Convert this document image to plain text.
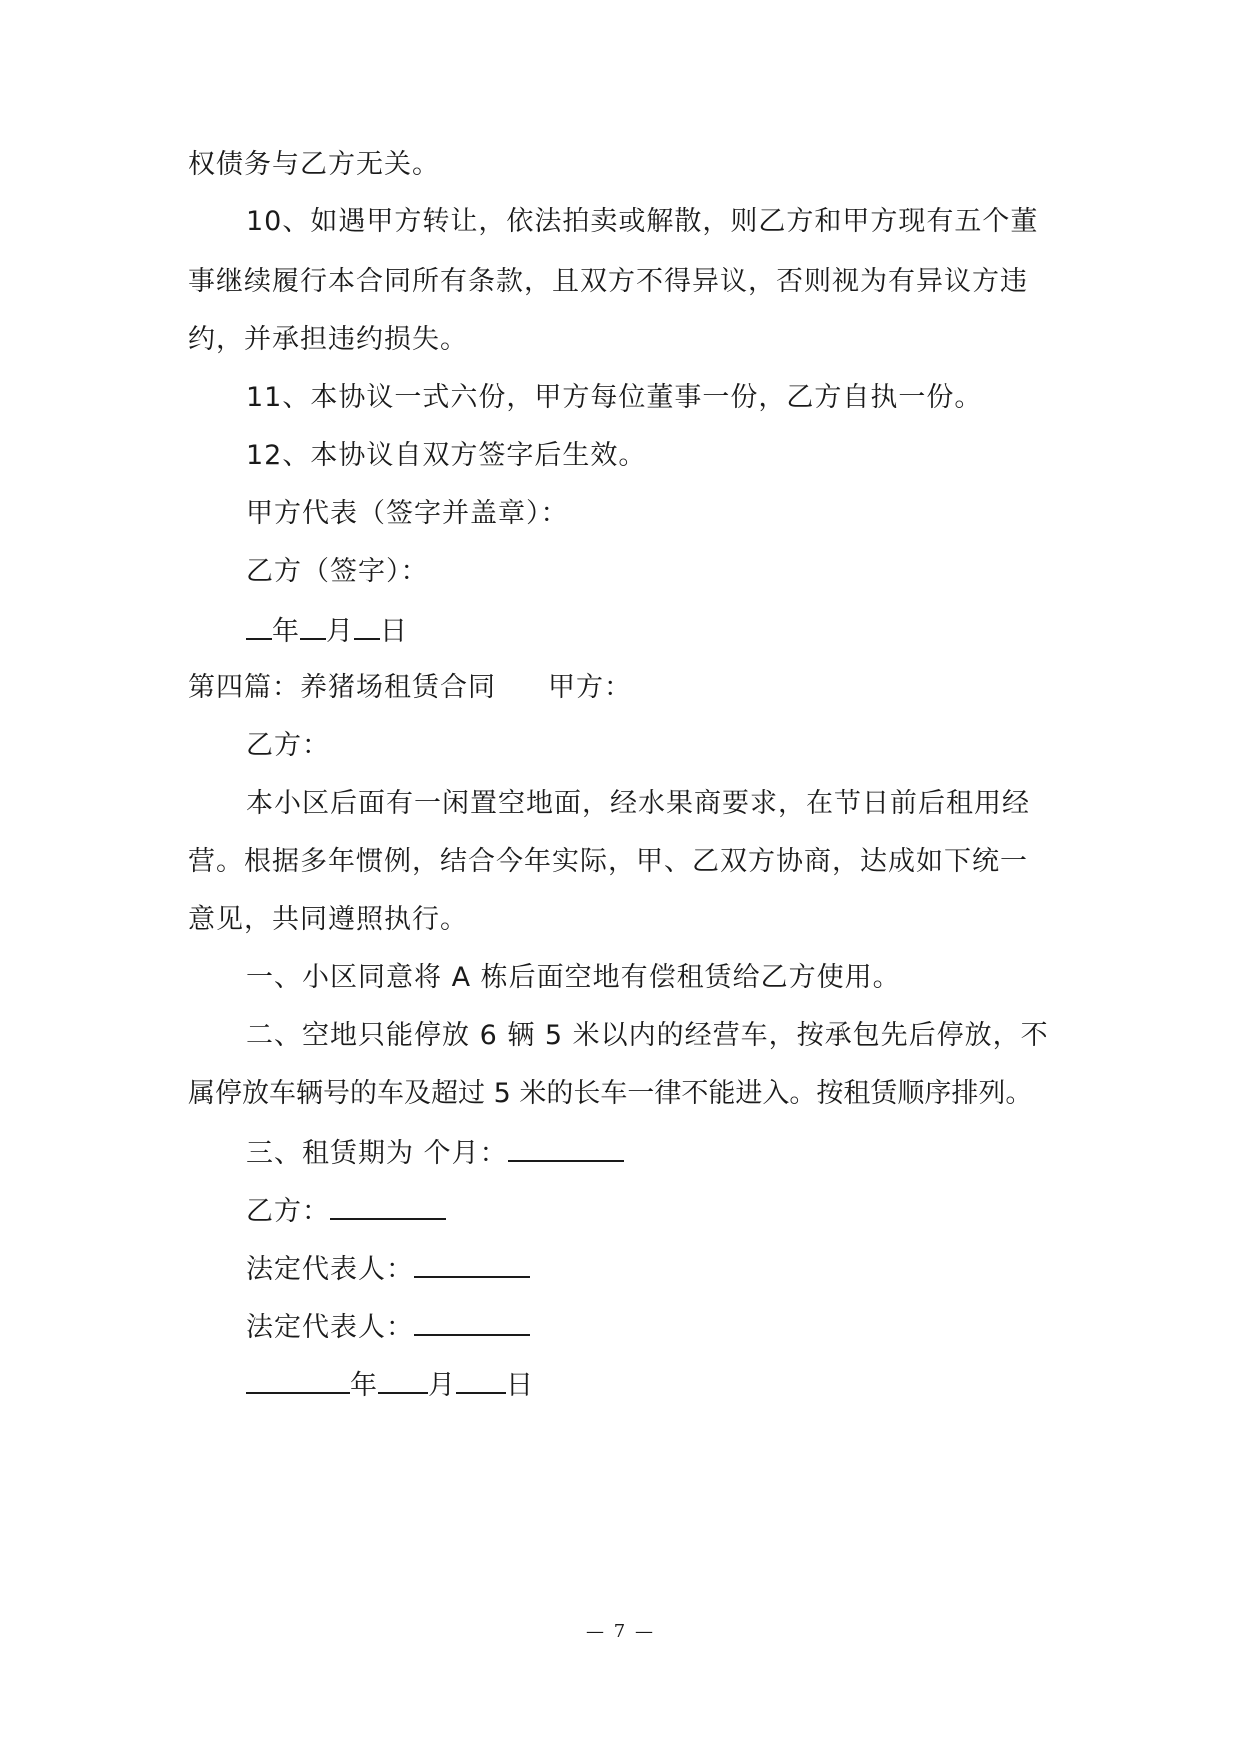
权债务与乙方无关。
10、如遇甲方转让，依法拍卖或解散，则乙方和甲方现有五个董
事继续履行本合同所有条款，且双方不得异议，否则视为有异议方违
约，并承担违约损失。
11、本协议一式六份，甲方每位董事一份，乙方自执一份。
12、本协议自双方签字后生效。
甲方代表（签字并盖章）：
乙方（签字）：
年 月 日
第四篇：养猪场租赁合同 甲方：
乙方：
本小区后面有一闲置空地面，经水果商要求，在节日前后租用经
营。根据多年惯例，结合今年实际，甲、乙双方协商，达成如下统一
意见，共同遵照执行。
一、小区同意将 A 栋后面空地有偿租赁给乙方使用。
二、空地只能停放 6 辆 5 米以内的经营车，按承包先后停放，不
属停放车辆号的车及超过 5 米的长车一律不能进入。按租赁顺序排列。
三、租赁期为 个月：
乙方：
法定代表人：
法定代表人：
年 月 日
— 7 —
